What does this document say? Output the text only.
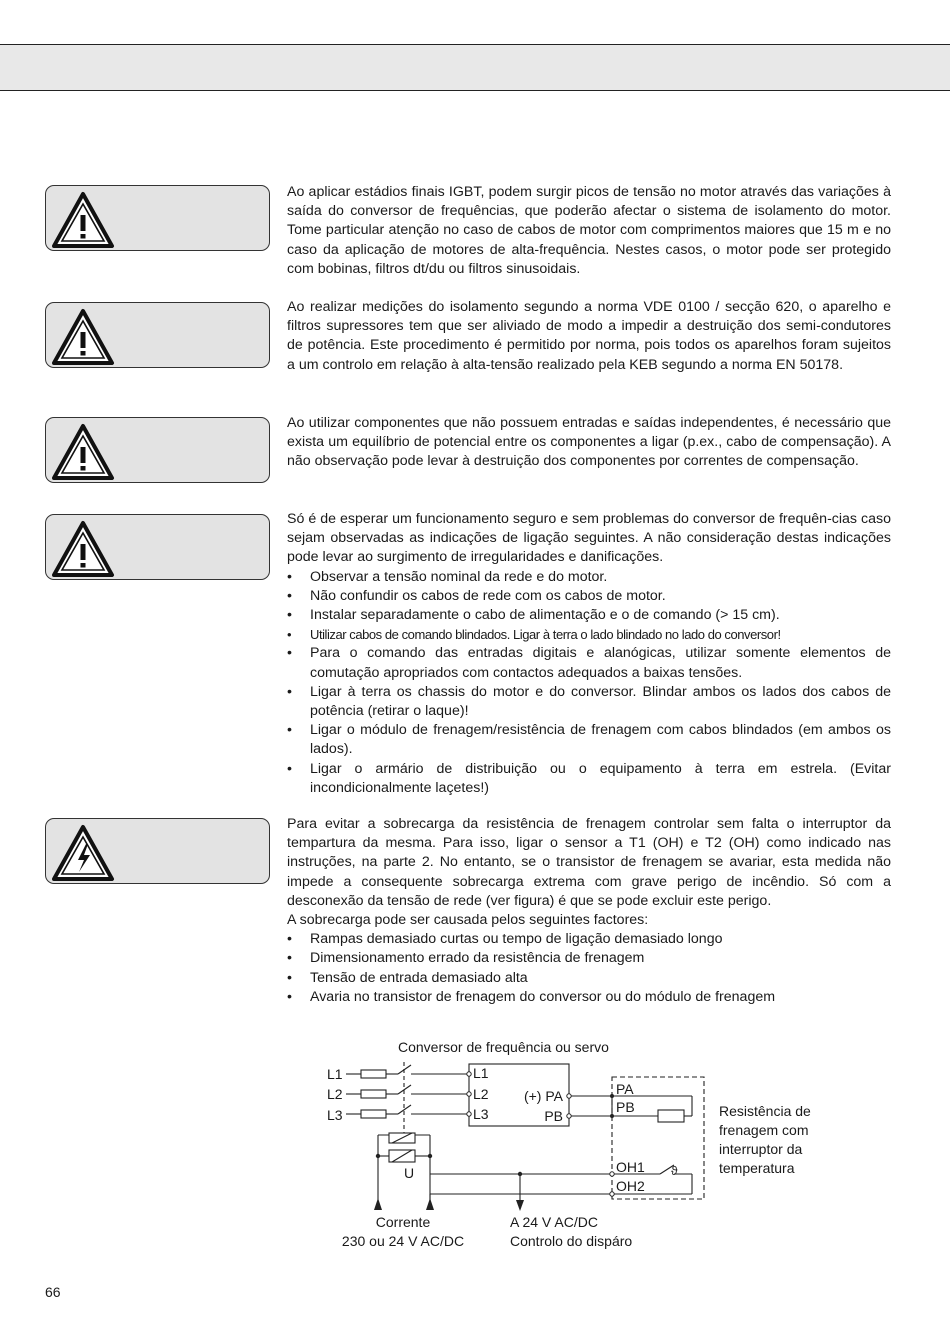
Ao aplicar estádios finais IGBT, podem surgir picos de tensão no motor através das variações à saída do conversor de frequências, que poderão afectar o sistema de isolamento do motor. Tome particular atenção no caso de cabos de motor com comprimentos maiores que 15 m e no caso da aplicação de motores de alta-frequência. Nestes casos, o motor pode ser protegido com bobinas, filtros dt/du ou filtros sinusoidais.

Ao realizar medições do isolamento segundo a norma VDE 0100 / secção 620, o aparelho e filtros supressores tem que ser aliviado de modo a impedir a destruição dos semi-condutores de potência. Este procedimento é permitido por norma, pois todos os aparelhos foram sujeitos a um controlo em relação à alta-tensão realizado pela KEB segundo a norma EN 50178.

Ao utilizar componentes que não possuem entradas e saídas independentes, é necessário que exista um equilíbrio de potencial entre os componentes a ligar (p.ex., cabo de compensação). A não observação pode levar à destruição dos componentes por correntes de compensação.

Só é de esperar um funcionamento seguro e sem problemas do conversor de frequên-cias caso sejam observadas as indicações de ligação seguintes. A não consideração destas indicações pode levar ao surgimento de irregularidades e danificações.

• Observar a tensão nominal da rede e do motor.
• Não confundir os cabos de rede com os cabos de motor.
• Instalar separadamente o cabo de alimentação e o de comando (> 15 cm).
• Utilizar cabos de comando blindados. Ligar à terra o lado blindado no lado do conversor!
• Para o comando das entradas digitais e alanógicas, utilizar somente elementos de comutação apropriados com contactos adequados a baixas tensões.
• Ligar à terra os chassis do motor e do conversor. Blindar ambos os lados dos cabos de potência (retirar o laque)!
• Ligar o módulo de frenagem/resistência de frenagem com cabos blindados (em ambos os lados).
• Ligar o armário de distribuição ou o equipamento à terra em estrela. (Evitar incondicionalmente laçetes!)

Para evitar a sobrecarga da resistência de frenagem controlar sem falta o interruptor da tempartura da mesma. Para isso, ligar o sensor a T1 (OH) e T2 (OH) como indicado nas instruções, na parte 2. No entanto, se o transistor de frenagem se avariar, esta medida não impede a consequente sobrecarga extrema com grave perigo de incêndio. Só com a desconexão da tensão de rede (ver figura) é que se pode excluir este perigo.

A sobrecarga pode ser causada pelos seguintes factores:

• Rampas demasiado curtas ou tempo de ligação demasiado longo
• Dimensionamento errado da resistência de frenagem
• Tensão de entrada demasiado alta
• Avaria no transistor de frenagem do conversor ou do módulo de frenagem
Conversor de frequência ou servo
L1
L2
L3
L1
L2
L3
(+) PA
PB
PA
PB
OH1
OH2
ϑ
U
Resistência de
frenagem com
interruptor da
temperatura
Corrente
230 ou 24 V AC/DC
A 24 V AC/DC
Controlo do dispáro
66
